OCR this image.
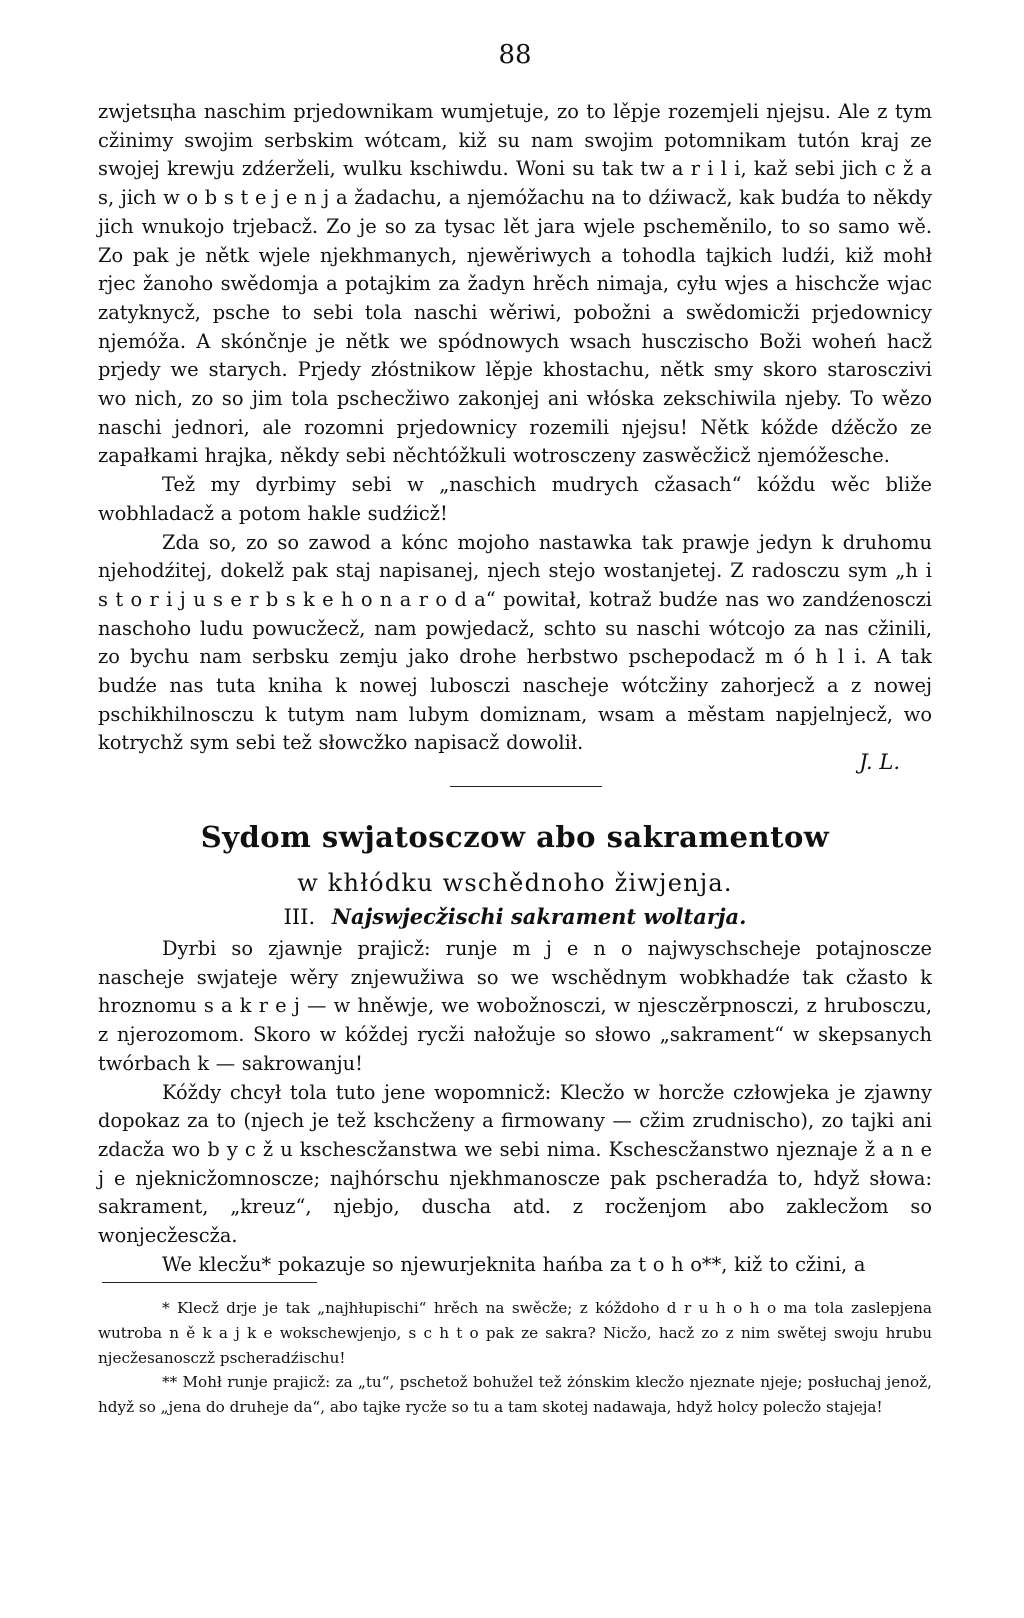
88

zwjetsцha naschim prjedownikam wumjetuje, zo to lěpje rozemjeli njejsu. Ale z tym cžinimy swojim serbskim wótcam, kiž su nam swojim potomnikam tutón kraj ze swojej krewju zdźerželi, wulku kschiwdu. Woni su tak tw a r i l i, kaž sebi jich c ž a s, jich w o b s t e j e n j a žadachu, a njemóžachu na to dźiwacž, kak budźa to někdy jich wnukojo trjebacž. Zo je so za tysac lět jara wjele pscheměnilo, to so samo wě. Zo pak je nětk wjele njekhmanych, njewěriwych a tohodla tajkich ludźi, kiž mohł rjec žanoho swědomja a potajkim za žadyn hrěch nimaja, cyłu wjes a hischcže wjac zatyknycž, psche to sebi tola naschi wěriwi, pobožni a swědomicži prjedownicy njemóža. A skónčnje je nětk we spódnowych wsach husczischo Boži woheń hacž prjedy we starych. Prjedy złóstnikow lěpje khostachu, nětk smy skoro starosczivi wo nich, zo so jim tola pschecžiwo zakonjej ani włóska zekschiwila njeby. To wězo naschi jednori, ale rozomni prjedownicy rozemili njejsu! Nětk kóždе dźěcžo ze zapałkami hrajka, někdy sebi něchtóžkuli wotrosczeny zaswěcžicž njemóžesche.

Tež my dyrbimy sebi w „naschich mudrych cžasach“ kóždu wěc bliže wobhladacž a potom hakle sudźicž!

Zda so, zo so zawod a kónc mojoho nastawka tak prawje jedyn k druhomu njehodźitej, dokelž pak staj napisanej, njech stejo wostanjetej. Z radosczu sym „h i s t o r i j u s e r b s k e h o n a r o d a“ powitał, kotraž budźe nas wo zandźenosczi naschoho ludu powucžecž, nam powjedacž, schto su naschi wótcojo za nas cžinili, zo bychu nam serbsku zemju jako drohe herbstwo pschepodacž m ó h l i. A tak budźe nas tuta kniha k nowej lubosczi naschеje wótcžiny zahorjecž a z nowej pschikhilnosczu k tutym nam lubym domiznam, wsam a městam napjelnjecž, wo kotrychž sym sebi tež słowcžko napisacž dowolił.

J. L.
Sydom swjatosczow abo sakramentow
w khłódku wschědnoho žiwjenja.
III. Najswjecžischi sakrament woltarja.

Dyrbi so zjawnje prajicž: runje m j e n o najwyschscheje potajnosczе naschеje swjateje wěry znjewužiwa so we wschědnym wobkhadźe tak cžasto k hroznomu s a k r e j — w hněwje, we wobožnosczi, w njesczěrpnosczi, z hrubosczu, z njerozomom. Skoro w kóždej rycži nałožuje so słowo „sakrament“ w skepsanych twórbach k — sakrowanju!

Kóždy chcył tola tuto jene wopomnicž: Klecžo w horcže człowjeka je zjawny dopokaz za to (njech je tež kschcženy a firmowany — cžim zrudnischo), zo tajki ani zdacža wo b y c ž u kschescžanstwa we sebi nima. Kschescžanstwo njeznaje ž a n e j e njeknicžomnosczе; najhórschu njekhmanosczе pak pscheradźa to, hdyž słowa: sakrament, „kreuz“, njebjo, duscha atd. z rocženjom abo zaklecžom so wonjecžescža.

We klecžu* pokazuje so njewurjeknita hańba za t o h o**, kiž to cžini, a

* Klecž drje je tak „najhłupischi“ hrěch na swěcže; z kóždoho d r u h o h o ma tola zaslepjena wutroba n ě k a j k e wokschewjenjo, s c h t o pak ze sakra? Nicžo, hacž zo z nim swětej swoju hrubu njecžesanosczž pscheradźischu!

** Mohł runje prajicž: za „tu“, pschetož bohužel tež żónskim klecžo njeznate njeje; posłuchaj jenož, hdyž so „jena do druheje da“, abo tajke rycže so tu a tam skotej nadawaja, hdyž holcy polecžo stajeja!
